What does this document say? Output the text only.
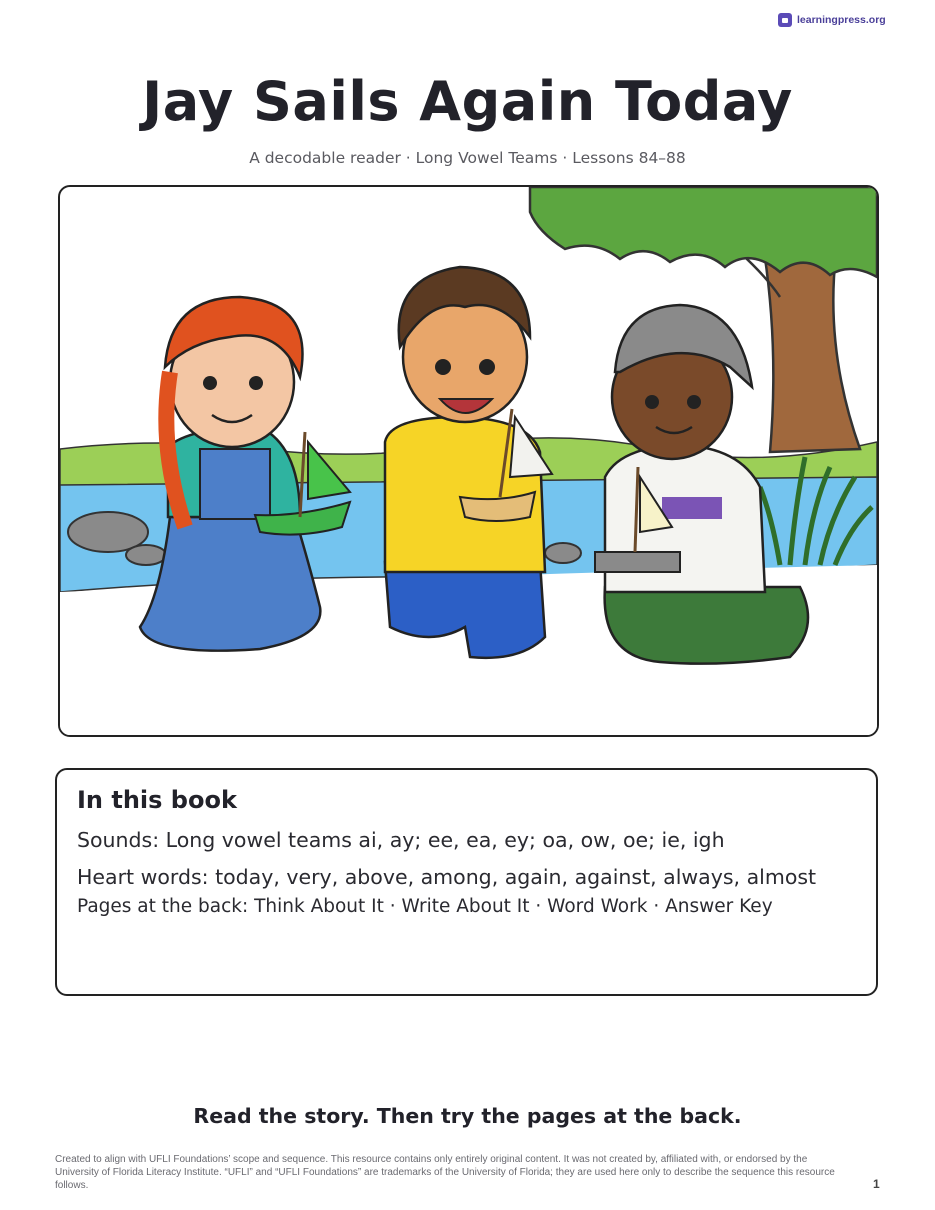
learningpress.org
Jay Sails Again Today
A decodable reader · Long Vowel Teams · Lessons 84–88
In this book
Sounds: Long vowel teams ai, ay; ee, ea, ey; oa, ow, oe; ie, igh
Heart words: today, very, above, among, again, against, always, almost
Pages at the back: Think About It · Write About It · Word Work · Answer Key
Read the story. Then try the pages at the back.
Created to align with UFLI Foundations’ scope and sequence. This resource contains only entirely original content. It was not created by, affiliated with, or endorsed by the University of Florida Literacy Institute. “UFLI” and “UFLI Foundations” are trademarks of the University of Florida; they are used here only to describe the sequence this resource follows.	1
